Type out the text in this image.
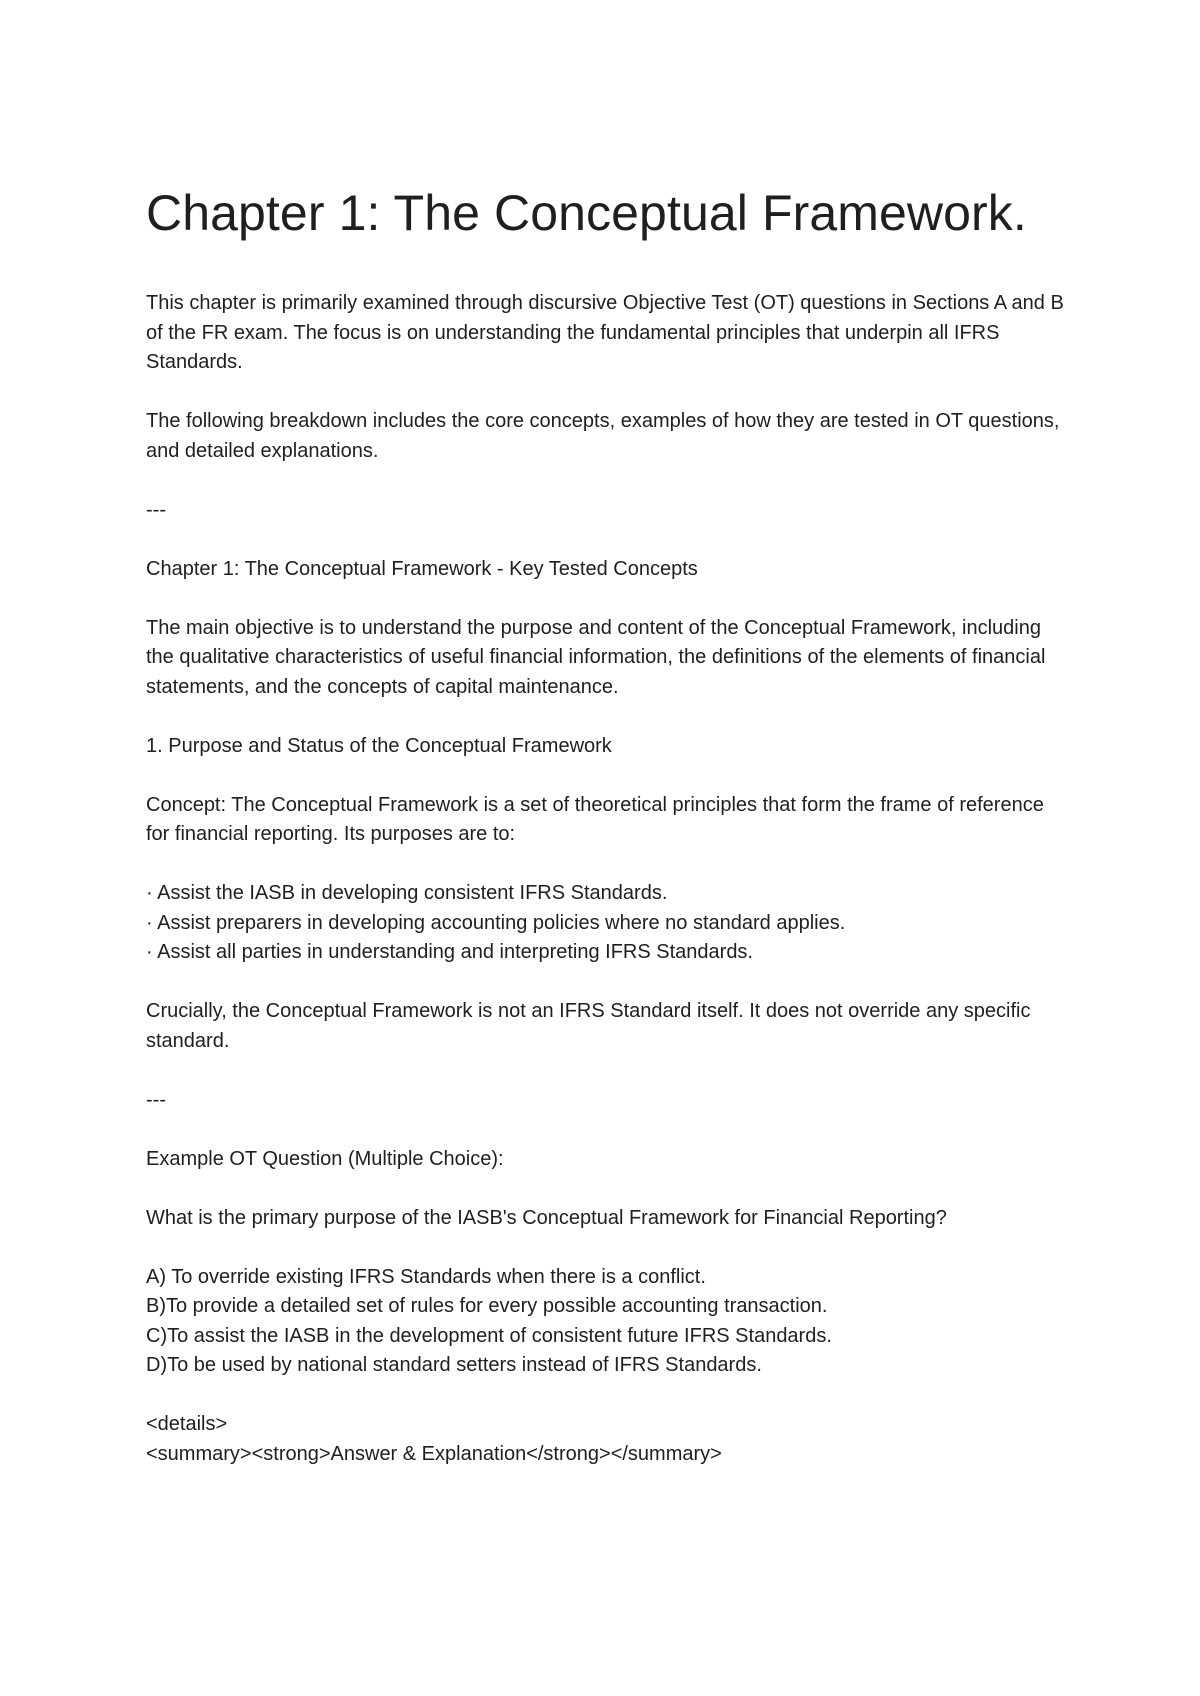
Chapter 1: The Conceptual Framework.

This chapter is primarily examined through discursive Objective Test (OT) questions in Sections A and B of the FR exam. The focus is on understanding the fundamental principles that underpin all IFRS Standards.

The following breakdown includes the core concepts, examples of how they are tested in OT questions, and detailed explanations.

---

Chapter 1: The Conceptual Framework - Key Tested Concepts

The main objective is to understand the purpose and content of the Conceptual Framework, including the qualitative characteristics of useful financial information, the definitions of the elements of financial statements, and the concepts of capital maintenance.

1. Purpose and Status of the Conceptual Framework

Concept: The Conceptual Framework is a set of theoretical principles that form the frame of reference for financial reporting. Its purposes are to:

· Assist the IASB in developing consistent IFRS Standards.
· Assist preparers in developing accounting policies where no standard applies.
· Assist all parties in understanding and interpreting IFRS Standards.

Crucially, the Conceptual Framework is not an IFRS Standard itself. It does not override any specific standard.

---

Example OT Question (Multiple Choice):

What is the primary purpose of the IASB's Conceptual Framework for Financial Reporting?

A) To override existing IFRS Standards when there is a conflict.
B)To provide a detailed set of rules for every possible accounting transaction.
C)To assist the IASB in the development of consistent future IFRS Standards.
D)To be used by national standard setters instead of IFRS Standards.

<details>
<summary><strong>Answer & Explanation</strong></summary>
